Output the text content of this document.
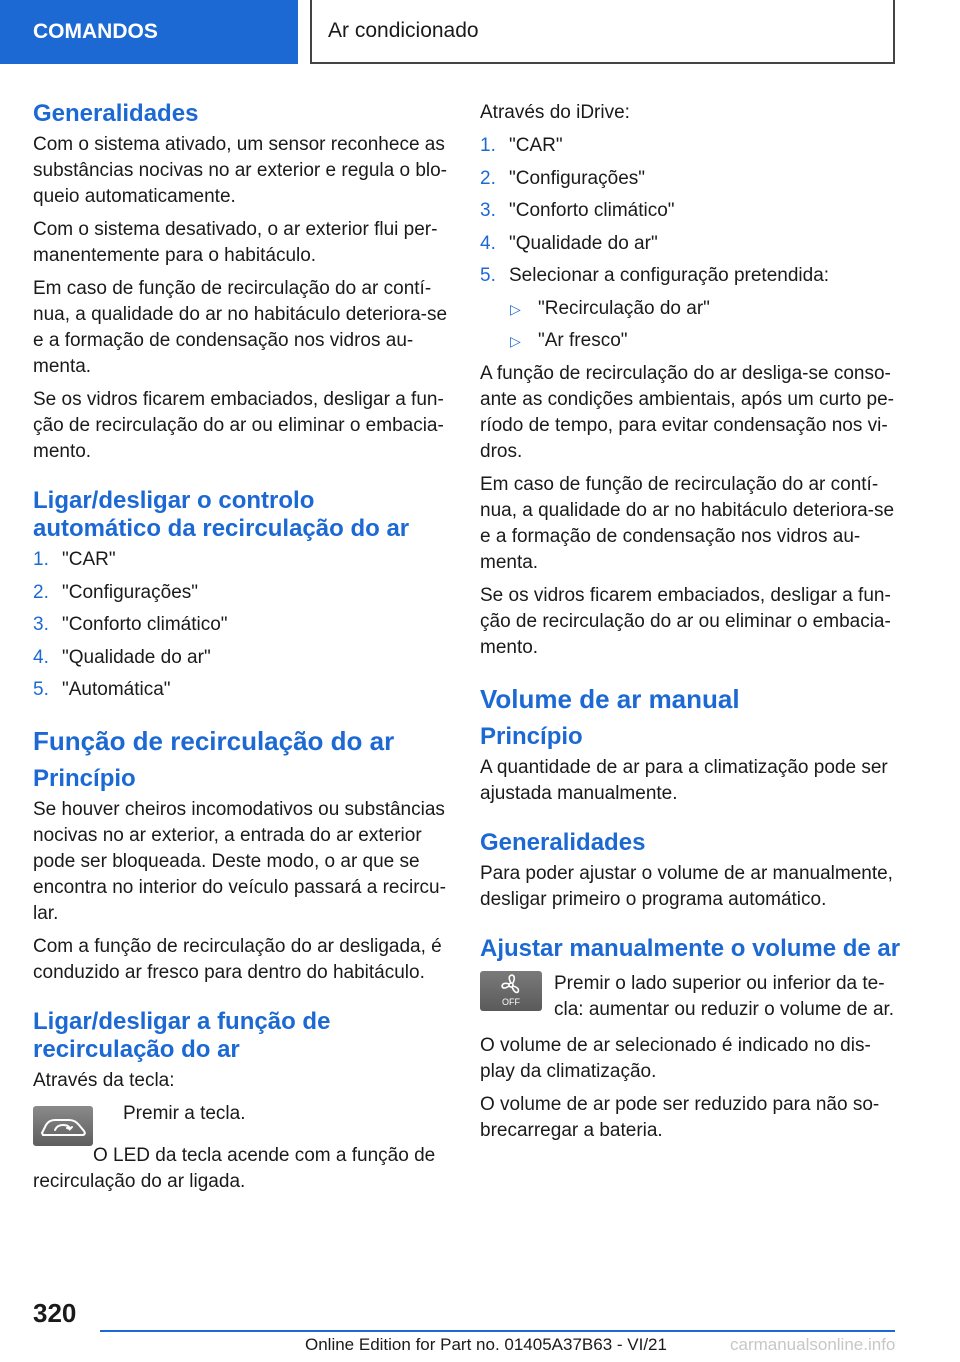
COMANDOS	Ar condicionado
Generalidades

Com o sistema ativado, um sensor reconhece as substâncias nocivas no ar exterior e regula o blo-queio automaticamente.

Com o sistema desativado, o ar exterior flui per-manentemente para o habitáculo.

Em caso de função de recirculação do ar contí-nua, a qualidade do ar no habitáculo deteriora-se e a formação de condensação nos vidros au-menta.

Se os vidros ficarem embaciados, desligar a fun-ção de recirculação do ar ou eliminar o embacia-mento.

Ligar/desligar o controlo automático da recirculação do ar
1. "CAR"
2. "Configurações"
3. "Conforto climático"
4. "Qualidade do ar"
5. "Automática"
Função de recirculação do ar
Princípio

Se houver cheiros incomodativos ou substâncias nocivas no ar exterior, a entrada do ar exterior pode ser bloqueada. Deste modo, o ar que se encontra no interior do veículo passará a recircu-lar.

Com a função de recirculação do ar desligada, é conduzido ar fresco para dentro do habitáculo.

Ligar/desligar a função de recirculação do ar

Através da tecla:

Premir a tecla.

O LED da tecla acende com a função de recirculação do ar ligada.

Através do iDrive:

1. "CAR"
2. "Configurações"
3. "Conforto climático"
4. "Qualidade do ar"
5. Selecionar a configuração pretendida:
▷ "Recirculação do ar"
▷ "Ar fresco"

A função de recirculação do ar desliga-se conso-ante as condições ambientais, após um curto pe-ríodo de tempo, para evitar condensação nos vi-dros.

Em caso de função de recirculação do ar contí-nua, a qualidade do ar no habitáculo deteriora-se e a formação de condensação nos vidros au-menta.

Se os vidros ficarem embaciados, desligar a fun-ção de recirculação do ar ou eliminar o embacia-mento.

Volume de ar manual
Princípio

A quantidade de ar para a climatização pode ser ajustada manualmente.

Generalidades

Para poder ajustar o volume de ar manualmente, desligar primeiro o programa automático.

Ajustar manualmente o volume de ar
OFF

Premir o lado superior ou inferior da te-cla: aumentar ou reduzir o volume de ar.

O volume de ar selecionado é indicado no dis-play da climatização.

O volume de ar pode ser reduzido para não so-brecarregar a bateria.

320
Online Edition for Part no. 01405A37B63 - VI/21	carmanualsonline.info
